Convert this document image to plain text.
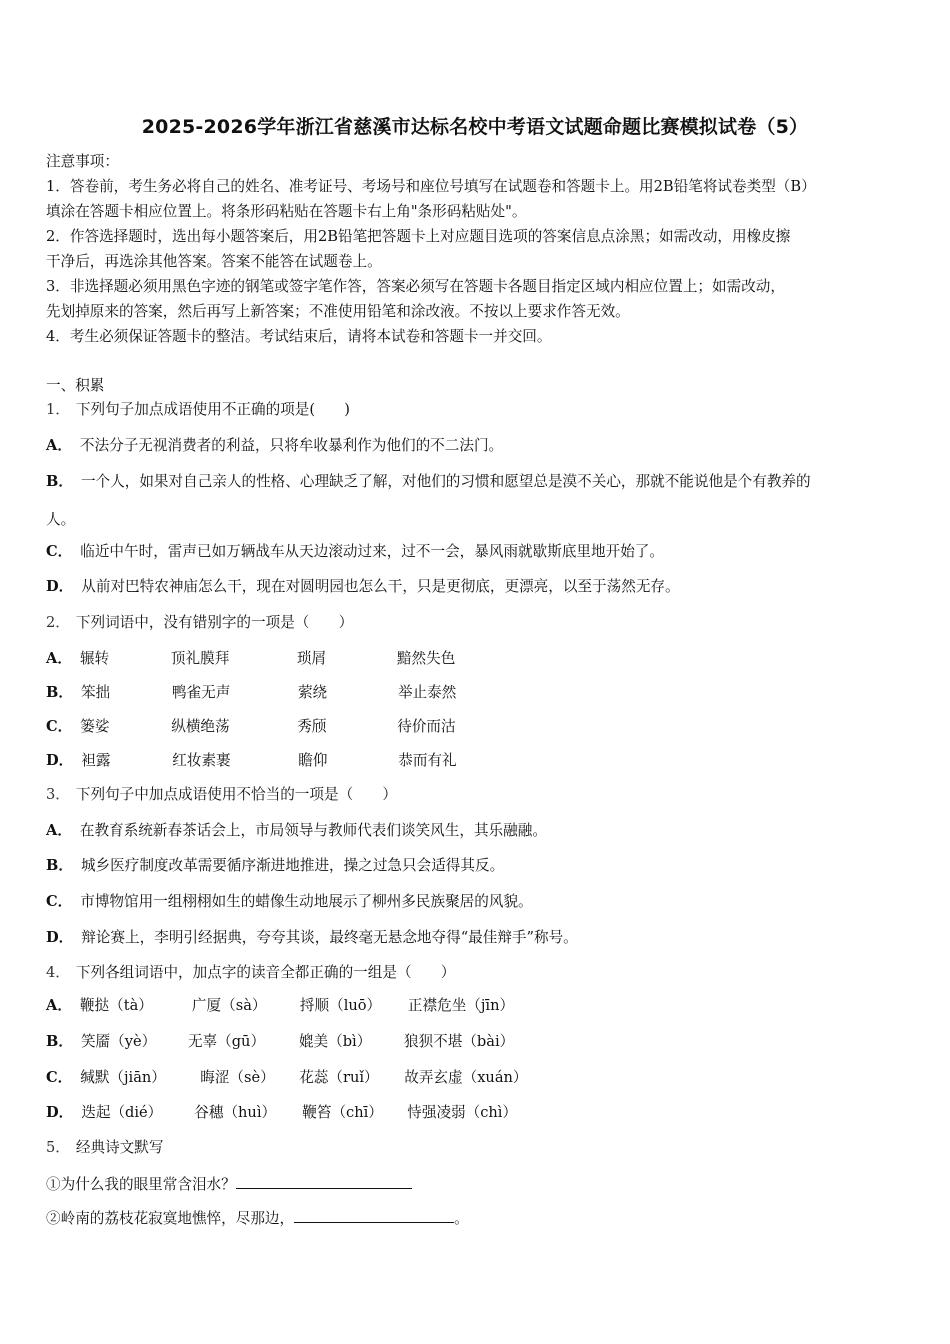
2025-2026学年浙江省慈溪市达标名校中考语文试题命题比赛模拟试卷（5）
注意事项：
1．答卷前，考生务必将自己的姓名、准考证号、考场号和座位号填写在试题卷和答题卡上。用2B铅笔将试卷类型（B）
填涂在答题卡相应位置上。将条形码粘贴在答题卡右上角"条形码粘贴处"。
2．作答选择题时，选出每小题答案后，用2B铅笔把答题卡上对应题目选项的答案信息点涂黑；如需改动，用橡皮擦
干净后，再选涂其他答案。答案不能答在试题卷上。
3．非选择题必须用黑色字迹的钢笔或签字笔作答，答案必须写在答题卡各题目指定区域内相应位置上；如需改动，
先划掉原来的答案，然后再写上新答案；不准使用铅笔和涂改液。不按以上要求作答无效。
4．考生必须保证答题卡的整洁。考试结束后，请将本试卷和答题卡一并交回。
一、积累
1． 下列句子加点成语使用不正确的项是(　　)
A． 不法分子无视消费者的利益，只将牟收暴利作为他们的不二法门。
B． 一个人，如果对自己亲人的性格、心理缺乏了解，对他们的习惯和愿望总是漠不关心，那就不能说他是个有教养的
人。
C． 临近中午时，雷声已如万辆战车从天边滚动过来，过不一会，暴风雨就歇斯底里地开始了。
D． 从前对巴特农神庙怎么干，现在对圆明园也怎么干，只是更彻底，更漂亮，以至于荡然无存。
2． 下列词语中，没有错别字的一项是（　　）
A． 辗转	顶礼膜拜	琐屑	黯然失色
B． 笨拙	鸭雀无声	萦绕	举止泰然
C． 篓娑	纵横绝荡	秀颀	待价而沽
D． 袒露	红妆素裹	瞻仰	恭而有礼
3． 下列句子中加点成语使用不恰当的一项是（　　）
A． 在教育系统新春茶话会上，市局领导与教师代表们谈笑风生，其乐融融。
B． 城乡医疗制度改革需要循序渐进地推进，操之过急只会适得其反。
C． 市博物馆用一组栩栩如生的蜡像生动地展示了柳州多民族聚居的风貌。
D． 辩论赛上，李明引经据典，夸夸其谈，最终毫无悬念地夺得“最佳辩手”称号。
4． 下列各组词语中，加点字的读音全都正确的一组是（　　）
A． 鞭挞（tà）	广厦（sà） 捋顺（luō） 正襟危坐（jīn）
B． 笑靥（yè） 无辜（gū） 媲美（bì） 狼狈不堪（bài）
C． 缄默（jiān） 晦涩（sè） 花蕊（ruǐ） 故弄玄虚（xuán）
D． 迭起（dié） 谷穗（huì） 鞭笞（chī） 恃强凌弱（chì）
5． 经典诗文默写
①为什么我的眼里常含泪水？
②岭南的荔枝花寂寞地憔悴，尽那边，	。
